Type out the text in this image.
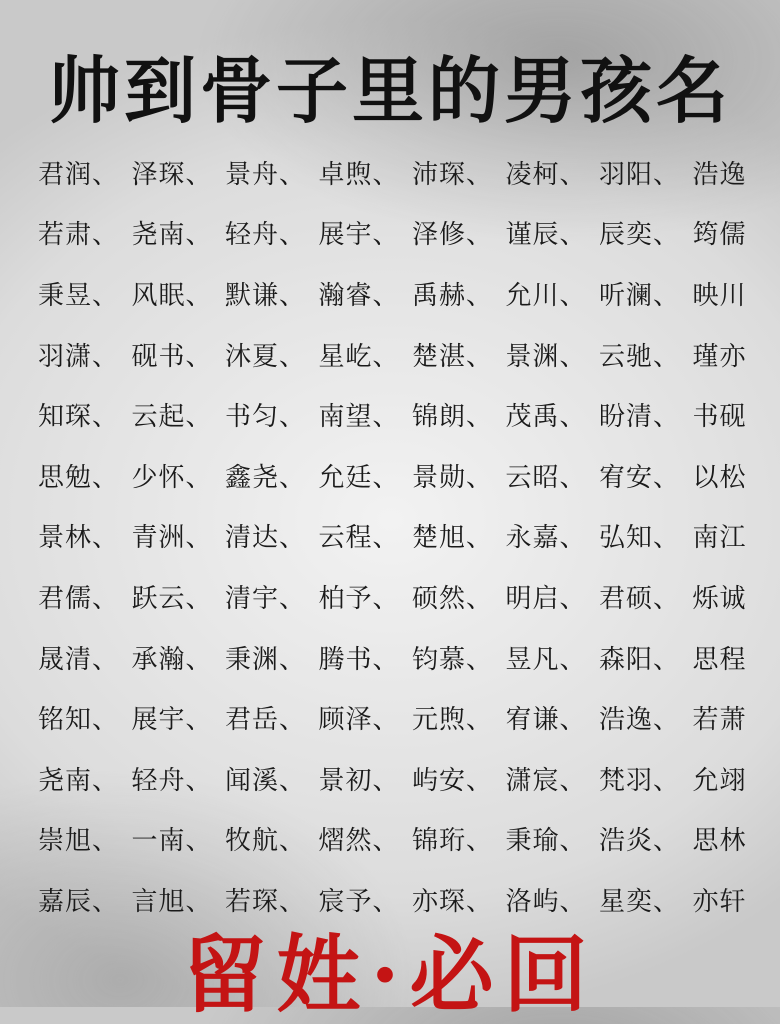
帅到骨子里的男孩名
君润、 泽琛、 景舟、 卓煦、 沛琛、 凌柯、 羽阳、 浩逸
若肃、 尧南、 轻舟、 展宇、 泽修、 谨辰、 辰奕、 筠儒
秉昱、 风眠、 默谦、 瀚睿、 禹赫、 允川、 听澜、 映川
羽潇、 砚书、 沐夏、 星屹、 楚湛、 景渊、 云驰、 瑾亦
知琛、 云起、 书匀、 南望、 锦朗、 茂禹、 盼清、 书砚
思勉、 少怀、 鑫尧、 允廷、 景勋、 云昭、 宥安、 以松
景林、 青洲、 清达、 云程、 楚旭、 永嘉、 弘知、 南江
君儒、 跃云、 清宇、 柏予、 硕然、 明启、 君硕、 烁诚
晟清、 承瀚、 秉渊、 腾书、 钧慕、 昱凡、 森阳、 思程
铭知、 展宇、 君岳、 顾泽、 元煦、 宥谦、 浩逸、 若萧
尧南、 轻舟、 闻溪、 景初、 屿安、 潇宸、 梵羽、 允翊
崇旭、 一南、 牧航、 熠然、 锦珩、 秉瑜、 浩炎、 思林
嘉辰、 言旭、 若琛、 宸予、 亦琛、 洛屿、 星奕、 亦轩
留姓·必回
